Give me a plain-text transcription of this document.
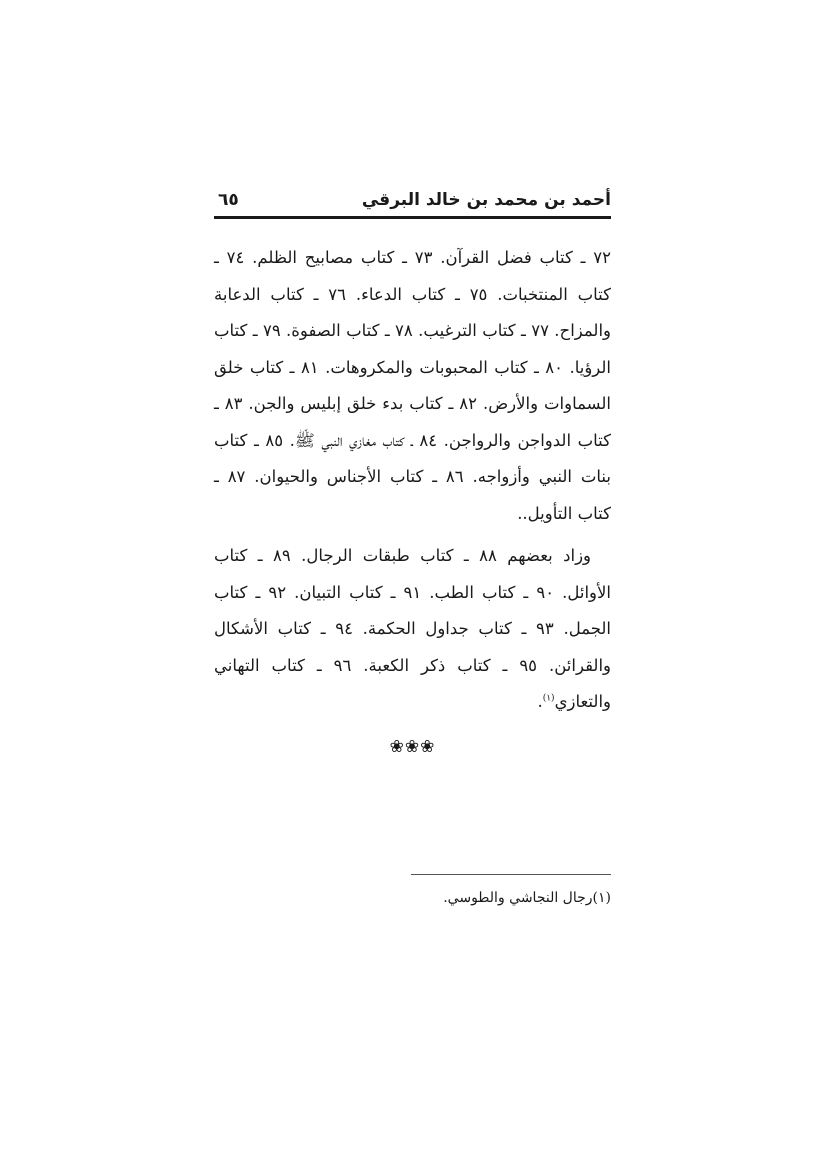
أحمد بن محمد بن خالد البرقي
٦٥

٧٢ ـ كتاب فضل القرآن. ٧٣ ـ كتاب مصابيح الظلم. ٧٤ ـ كتاب المنتخبات. ٧٥ ـ كتاب الدعاء. ٧٦ ـ كتاب الدعابة والمزاح. ٧٧ ـ كتاب الترغيب. ٧٨ ـ كتاب الصفوة. ٧٩ ـ كتاب الرؤيا. ٨٠ ـ كتاب المحبوبات والمكروهات. ٨١ ـ كتاب خلق السماوات والأرض. ٨٢ ـ كتاب بدء خلق إبليس والجن. ٨٣ ـ كتاب الدواجن والرواجن. ٨٤ ـ كتاب مغازي النبي ﷺ. ٨٥ ـ كتاب بنات النبي وأزواجه. ٨٦ ـ كتاب الأجناس والحيوان. ٨٧ ـ كتاب التأويل..

وزاد بعضهم ٨٨ ـ كتاب طبقات الرجال. ٨٩ ـ كتاب الأوائل. ٩٠ ـ كتاب الطب. ٩١ ـ كتاب التبيان. ٩٢ ـ كتاب الجمل. ٩٣ ـ كتاب جداول الحكمة. ٩٤ ـ كتاب الأشكال والقرائن. ٩٥ ـ كتاب ذكر الكعبة. ٩٦ ـ كتاب التهاني والتعازي$^{(١)}$.

❀❀❀
(١)رجال النجاشي والطوسي.
